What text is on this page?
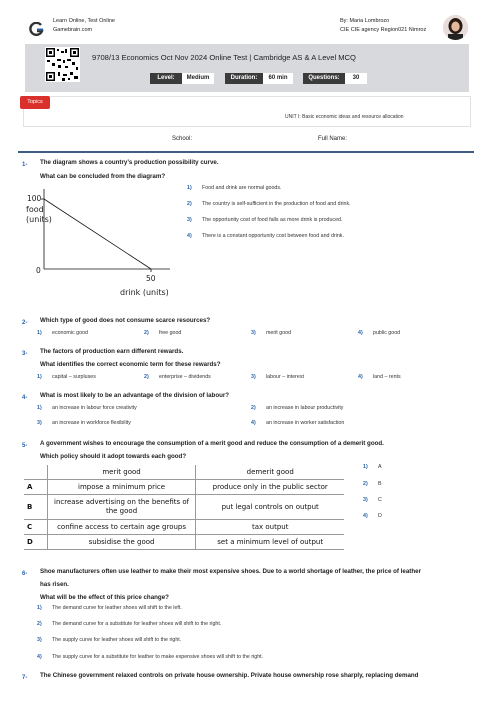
Learn Online, Test Online
Gamebrain.com
By: Maria Lombrozo
CIE CIE agency Region021 Nimroz
9708/13 Economics Oct Nov 2024 Online Test | Cambridge AS & A Level MCQ
Level:	Medium	Duration:	60 min	Questions:	30
Topics
UNIT I: Basic economic ideas and resource allocation
School:	Full Name:
1- The diagram shows a country’s production possibility curve.
What can be concluded from the diagram?
food
(units)
100
0
50
drink (units)
1) Food and drink are normal goods.
2) The country is self-sufficient in the production of food and drink.
3) The opportunity cost of food falls as more drink is produced.
4) There is a constant opportunity cost between food and drink.
2- Which type of good does not consume scarce resources?
1) economic good	2) free good	3) merit good	4) public good
3- The factors of production earn different rewards.
What identifies the correct economic term for these rewards?
1) capital – surpluses	2) enterprise – dividends	3) labour – interest	4) land – rents
4- What is most likely to be an advantage of the division of labour?
1) an increase in labour force creativity	2) an increase in labour productivity
3) an increase in workforce flexibility	4) an increase in worker satisfaction
5- A government wishes to encourage the consumption of a merit good and reduce the consumption of a demerit good.
Which policy should it adopt towards each good?
	merit good	demerit good
A	impose a minimum price	produce only in the public sector
B	increase advertising on the benefits of the good	put legal controls on output
C	confine access to certain age groups	tax output
D	subsidise the good	set a minimum level of output
1) A
2) B
3) C
4) D
6- Shoe manufacturers often use leather to make their most expensive shoes. Due to a world shortage of leather, the price of leather
has risen.
What will be the effect of this price change?
1) The demand curve for leather shoes will shift to the left.
2) The demand curve for a substitute for leather shoes will shift to the right.
3) The supply curve for leather shoes will shift to the right.
4) The supply curve for a substitute for leather to make expensive shoes will shift to the right.
7- The Chinese government relaxed controls on private house ownership. Private house ownership rose sharply, replacing demand
